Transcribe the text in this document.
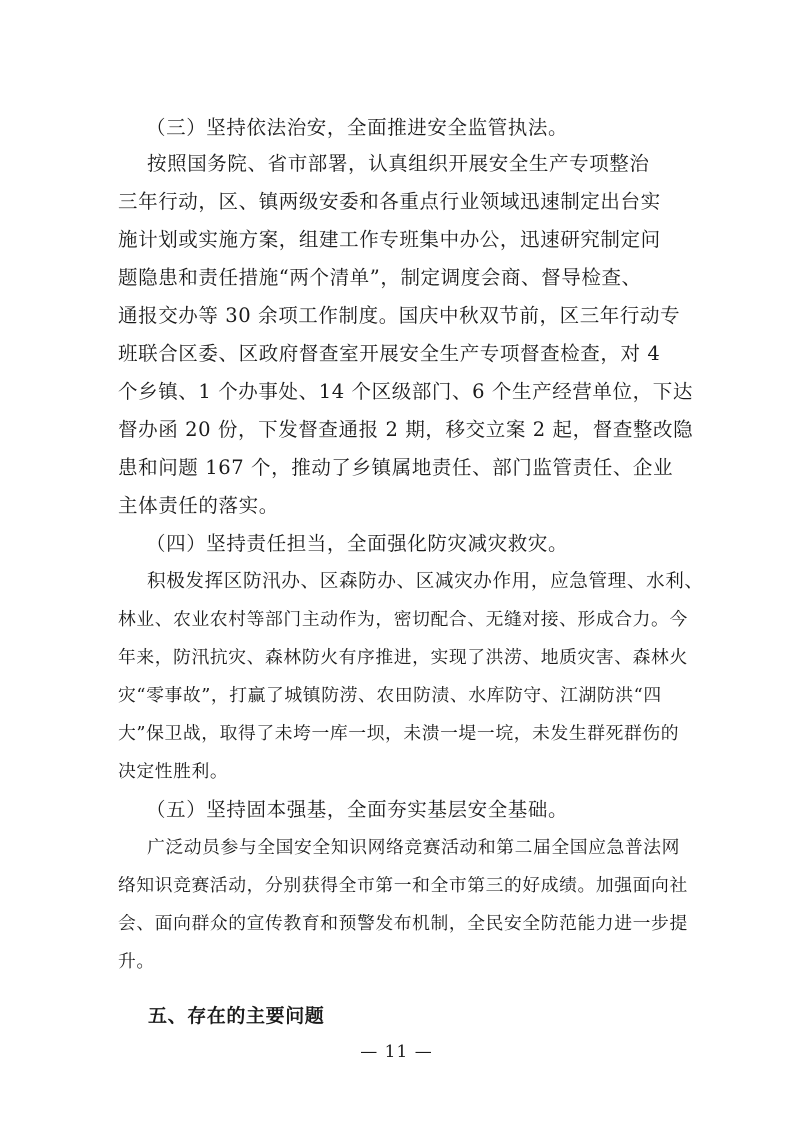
（三）坚持依法治安，全面推进安全监管执法。
按照国务院、省市部署，认真组织开展安全生产专项整治
三年行动，区、镇两级安委和各重点行业领域迅速制定出台实
施计划或实施方案，组建工作专班集中办公，迅速研究制定问
题隐患和责任措施“两个清单”，制定调度会商、督导检查、
通报交办等 30 余项工作制度。国庆中秋双节前，区三年行动专
班联合区委、区政府督查室开展安全生产专项督查检查，对 4
个乡镇、1 个办事处、14 个区级部门、6 个生产经营单位，下达
督办函 20 份，下发督查通报 2 期，移交立案 2 起，督查整改隐
患和问题 167 个，推动了乡镇属地责任、部门监管责任、企业
主体责任的落实。
（四）坚持责任担当，全面强化防灾减灾救灾。
积极发挥区防汛办、区森防办、区减灾办作用，应急管理、水利、
林业、农业农村等部门主动作为，密切配合、无缝对接、形成合力。今
年来，防汛抗灾、森林防火有序推进，实现了洪涝、地质灾害、森林火
灾“零事故”，打赢了城镇防涝、农田防渍、水库防守、江湖防洪“四
大”保卫战，取得了未垮一库一坝，未溃一堤一垸，未发生群死群伤的
决定性胜利。
（五）坚持固本强基，全面夯实基层安全基础。
广泛动员参与全国安全知识网络竞赛活动和第二届全国应急普法网
络知识竞赛活动，分别获得全市第一和全市第三的好成绩。加强面向社
会、面向群众的宣传教育和预警发布机制，全民安全防范能力进一步提
升。
五、存在的主要问题
— 11 —
